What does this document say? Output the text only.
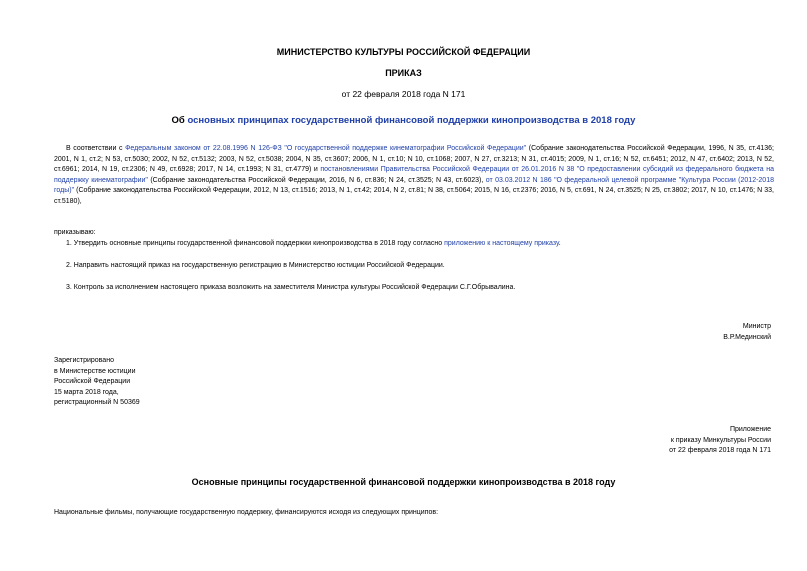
МИНИСТЕРСТВО КУЛЬТУРЫ РОССИЙСКОЙ ФЕДЕРАЦИИ
ПРИКАЗ
от 22 февраля 2018 года N 171
Об основных принципах государственной финансовой поддержки кинопроизводства в 2018 году
В соответствии с Федеральным законом от 22.08.1996 N 126-ФЗ "О государственной поддержке кинематографии Российской Федерации" (Собрание законодательства Российской Федерации, 1996, N 35, ст.4136; 2001, N 1, ст.2; N 53, ст.5030; 2002, N 52, ст.5132; 2003, N 52, ст.5038; 2004, N 35, ст.3607; 2006, N 1, ст.10; N 10, ст.1068; 2007, N 27, ст.3213; N 31, ст.4015; 2009, N 1, ст.16; N 52, ст.6451; 2012, N 47, ст.6402; 2013, N 52, ст.6961; 2014, N 19, ст.2306; N 49, ст.6928; 2017, N 14, ст.1993; N 31, ст.4779) и постановлениями Правительства Российской Федерации от 26.01.2016 N 38 "О предоставлении субсидий из федерального бюджета на поддержку кинематографии" (Собрание законодательства Российской Федерации, 2016, N 6, ст.836; N 24, ст.3525; N 43, ст.6023), от 03.03.2012 N 186 "О федеральной целевой программе "Культура России (2012-2018 годы)" (Собрание законодательства Российской Федерации, 2012, N 13, ст.1516; 2013, N 1, ст.42; 2014, N 2, ст.81; N 38, ст.5064; 2015, N 16, ст.2376; 2016, N 5, ст.691, N 24, ст.3525; N 25, ст.3802; 2017, N 10, ст.1476; N 33, ст.5180),
приказываю:
1. Утвердить основные принципы государственной финансовой поддержки кинопроизводства в 2018 году согласно приложению к настоящему приказу.
2. Направить настоящий приказ на государственную регистрацию в Министерство юстиции Российской Федерации.
3. Контроль за исполнением настоящего приказа возложить на заместителя Министра культуры Российской Федерации С.Г.Обрывалина.
Министр
В.Р.Мединский
Зарегистрировано
в Министерстве юстиции
Российской Федерации
15 марта 2018 года,
регистрационный N 50369
Приложение
к приказу Минкультуры России
от 22 февраля 2018 года N 171
Основные принципы государственной финансовой поддержки кинопроизводства в 2018 году
Национальные фильмы, получающие государственную поддержку, финансируются исходя из следующих принципов:
